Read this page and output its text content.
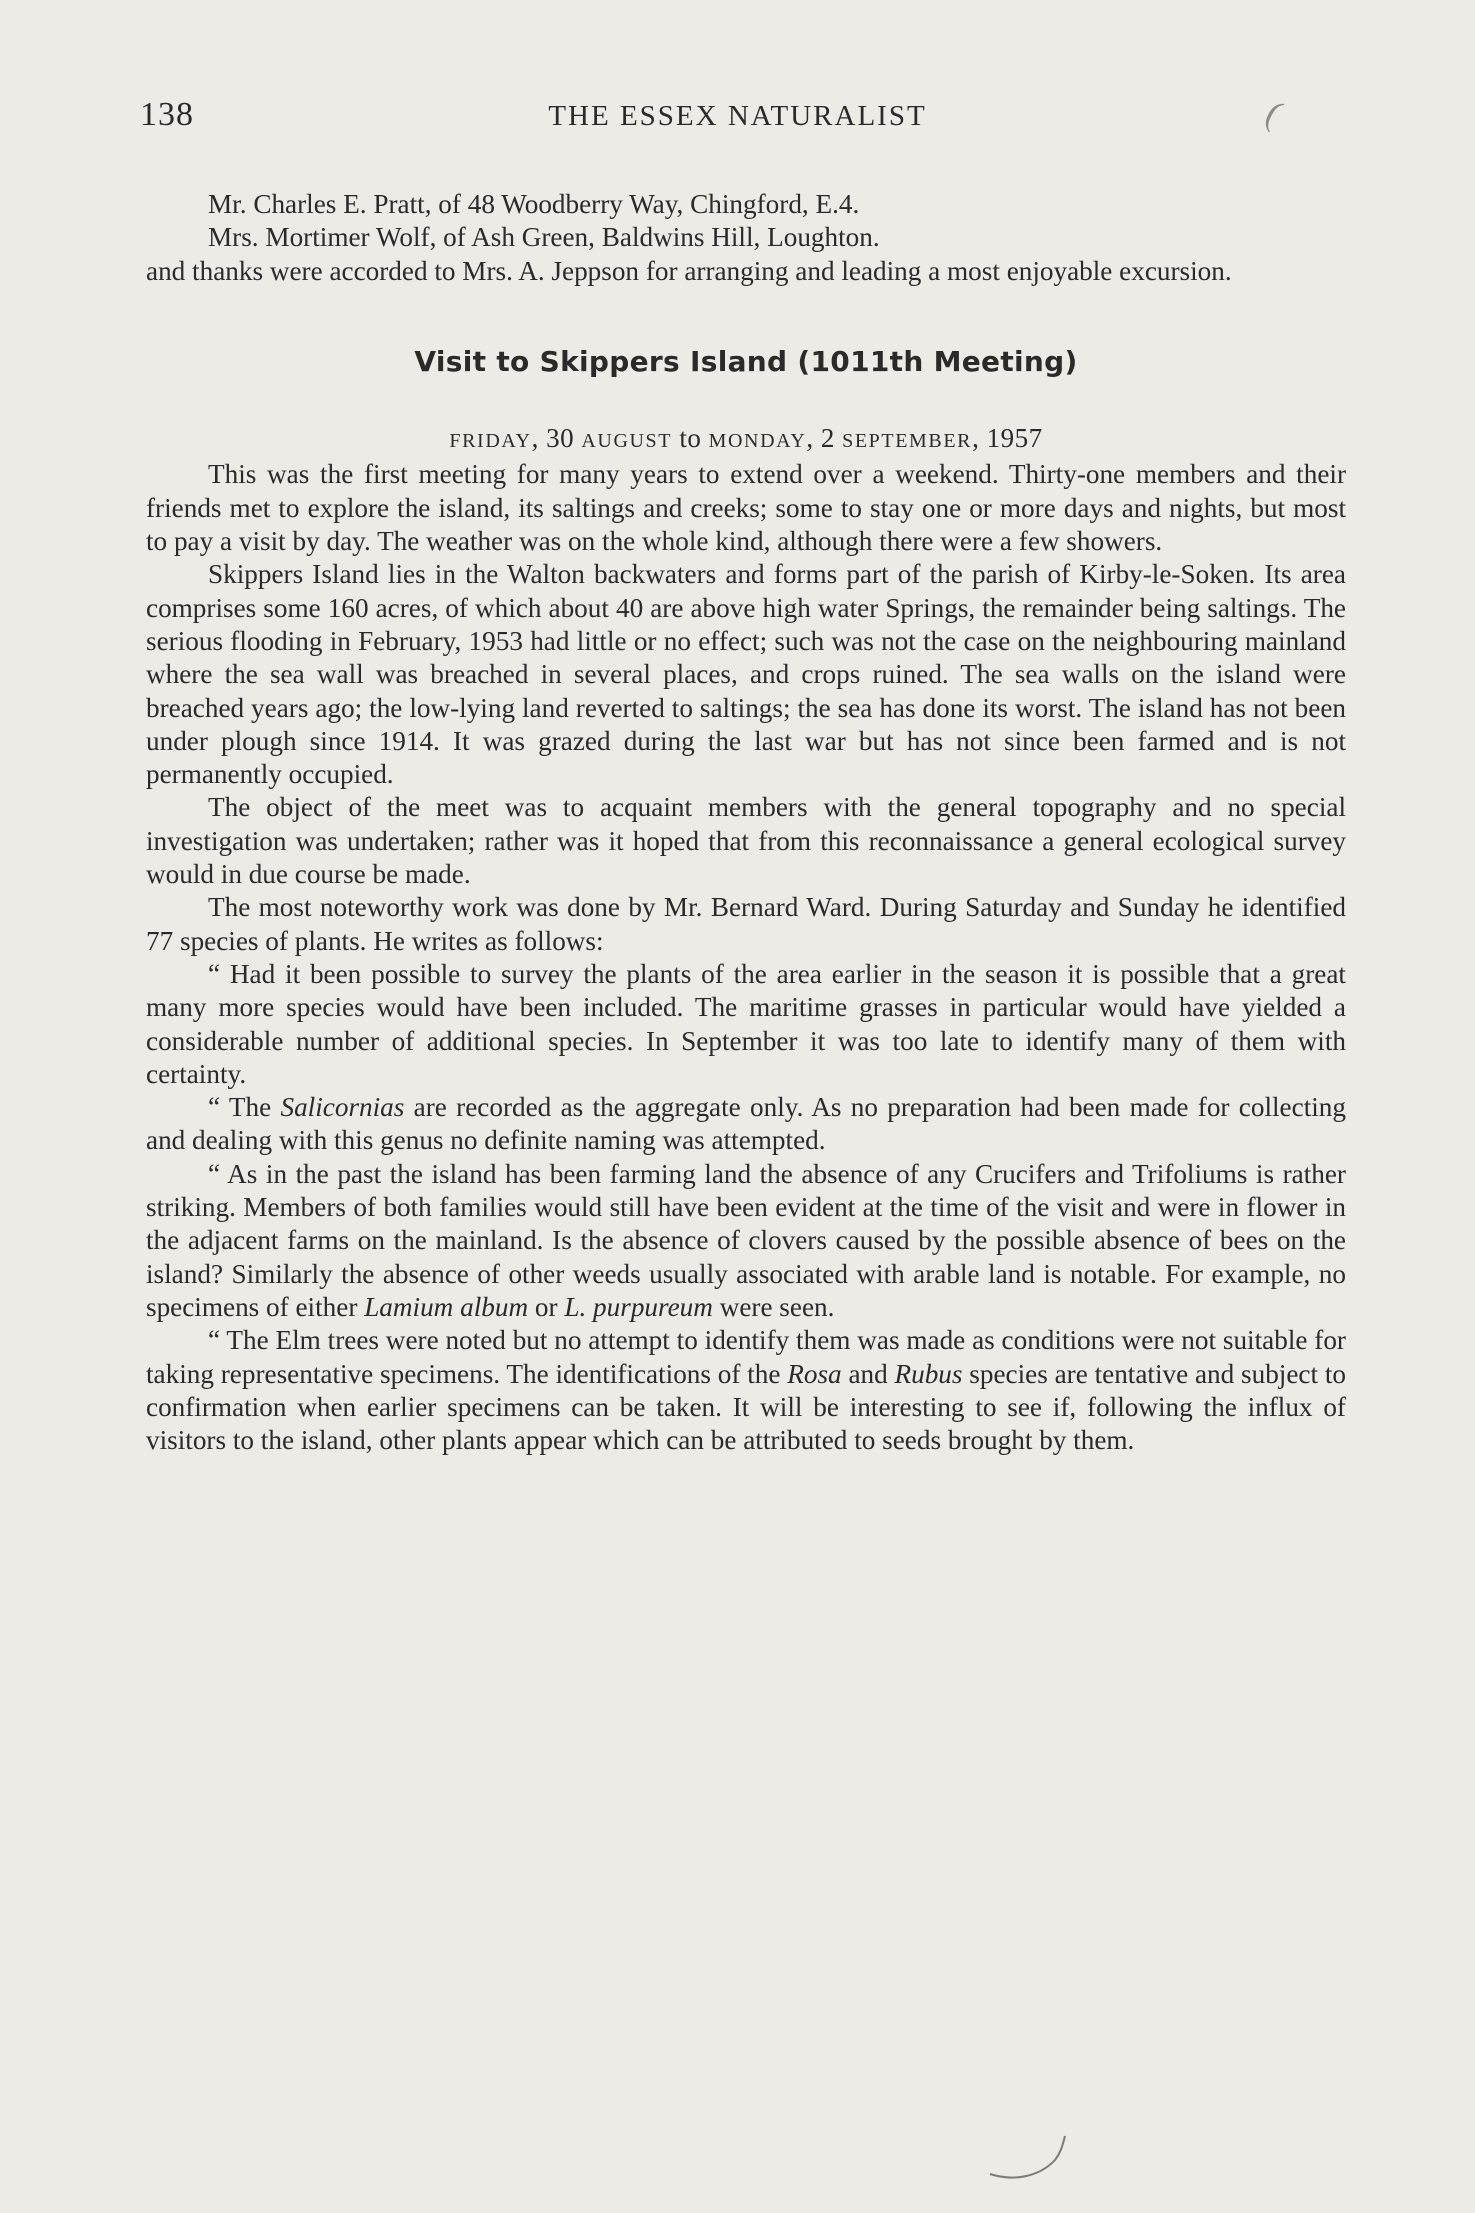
138	THE ESSEX NATURALIST	(

Mr. Charles E. Pratt, of 48 Woodberry Way, Chingford, E.4.

Mrs. Mortimer Wolf, of Ash Green, Baldwins Hill, Loughton.

and thanks were accorded to Mrs. A. Jeppson for arranging and leading a most enjoyable excursion.

Visit to Skippers Island (1011th Meeting)
FRIDAY, 30 AUGUST to MONDAY, 2 SEPTEMBER, 1957

This was the first meeting for many years to extend over a weekend. Thirty-one members and their friends met to explore the island, its saltings and creeks; some to stay one or more days and nights, but most to pay a visit by day. The weather was on the whole kind, although there were a few showers.

Skippers Island lies in the Walton backwaters and forms part of the parish of Kirby-le-Soken. Its area comprises some 160 acres, of which about 40 are above high water Springs, the remainder being saltings. The serious flooding in February, 1953 had little or no effect; such was not the case on the neighbouring mainland where the sea wall was breached in several places, and crops ruined. The sea walls on the island were breached years ago; the low-lying land reverted to saltings; the sea has done its worst. The island has not been under plough since 1914. It was grazed during the last war but has not since been farmed and is not permanently occupied.

The object of the meet was to acquaint members with the general topography and no special investigation was undertaken; rather was it hoped that from this reconnaissance a general ecological survey would in due course be made.

The most noteworthy work was done by Mr. Bernard Ward. During Saturday and Sunday he identified 77 species of plants. He writes as follows:

“ Had it been possible to survey the plants of the area earlier in the season it is possible that a great many more species would have been included. The maritime grasses in particular would have yielded a considerable number of additional species. In September it was too late to identify many of them with certainty.

“ The Salicornias are recorded as the aggregate only. As no preparation had been made for collecting and dealing with this genus no definite naming was attempted.

“ As in the past the island has been farming land the absence of any Crucifers and Trifoliums is rather striking. Members of both families would still have been evident at the time of the visit and were in flower in the adjacent farms on the mainland. Is the absence of clovers caused by the possible absence of bees on the island? Similarly the absence of other weeds usually associated with arable land is notable. For example, no specimens of either Lamium album or L. purpureum were seen.

“ The Elm trees were noted but no attempt to identify them was made as conditions were not suitable for taking representative specimens. The identifications of the Rosa and Rubus species are tentative and subject to confirmation when earlier specimens can be taken. It will be interesting to see if, following the influx of visitors to the island, other plants appear which can be attributed to seeds brought by them.
